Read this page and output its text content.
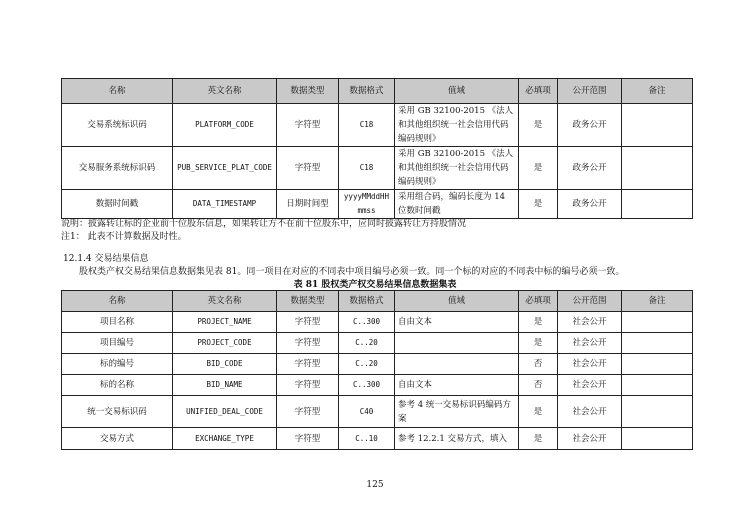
名称	英文名称	数据类型	数据格式	值域	必填项	公开范围	备注
交易系统标识码	PLATFORM_CODE	字符型	C18	采用 GB 32100-2015 《法人和其他组织统一社会信用代码编码规则》	是	政务公开	
交易服务系统标识码	PUB_SERVICE_PLAT_CODE	字符型	C18	采用 GB 32100-2015 《法人和其他组织统一社会信用代码编码规则》	是	政务公开	
数据时间戳	DATA_TIMESTAMP	日期时间型	yyyyMMddHHmmss	采用组合码，编码长度为 14 位数时间戳	是	政务公开	
说明：披露转让标的企业前十位股东信息，如果转让方不在前十位股东中，应同时披露转让方持股情况
注1： 此表不计算数据及时性。
12.1.4 交易结果信息
股权类产权交易结果信息数据集见表 81。同一项目在对应的不同表中项目编号必须一致。同一个标的对应的不同表中标的编号必须一致。
表 81 股权类产权交易结果信息数据集表
名称	英文名称	数据类型	数据格式	值域	必填项	公开范围	备注
项目名称	PROJECT_NAME	字符型	C..300	自由文本	是	社会公开	
项目编号	PROJECT_CODE	字符型	C..20		是	社会公开	
标的编号	BID_CODE	字符型	C..20		否	社会公开	
标的名称	BID_NAME	字符型	C..300	自由文本	否	社会公开	
统一交易标识码	UNIFIED_DEAL_CODE	字符型	C40	参考 4 统一交易标识码编码方案	是	社会公开	
交易方式	EXCHANGE_TYPE	字符型	C..10	参考 12.2.1 交易方式，填入	是	社会公开	
125
